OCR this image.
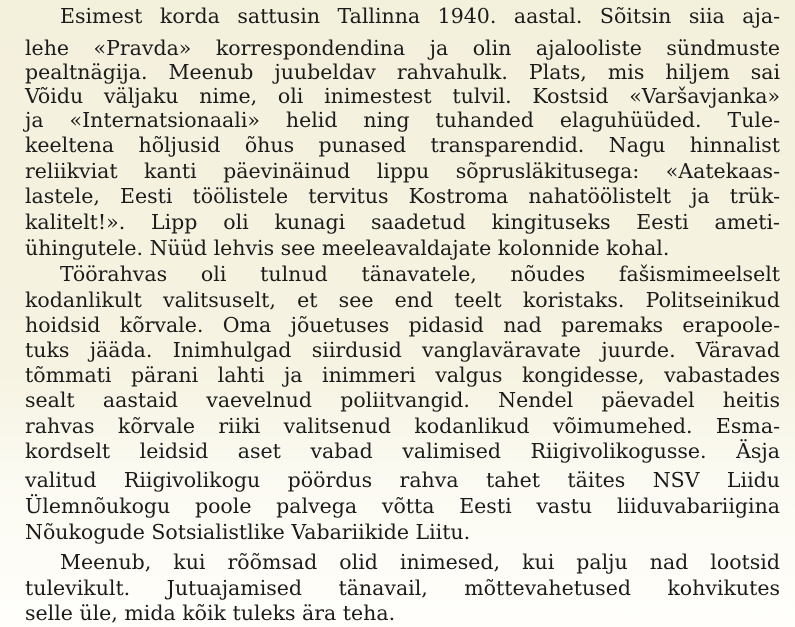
Esimest korda sattusin Tallinna 1940. aastal. Sõitsin siia aja-
lehe «Pravda» korrespondendina ja olin ajalooliste sündmuste
pealtnägija. Meenub juubeldav rahvahulk. Plats, mis hiljem sai
Võidu väljaku nime, oli inimestest tulvil. Kostsid «Varšavjanka»
ja «Internatsionaali» helid ning tuhanded elaguhüüded. Tule-
keeltena hõljusid õhus punased transparendid. Nagu hinnalist
reliikviat kanti päevinäinud lippu sõprusläkitusega: «Aatekaas-
lastele, Eesti töölistele tervitus Kostroma nahatöölistelt ja trük-
kalitelt!». Lipp oli kunagi saadetud kingituseks Eesti ameti-
ühingutele. Nüüd lehvis see meeleavaldajate kolonnide kohal.
Töörahvas oli tulnud tänavatele, nõudes fašismimeelselt
kodanlikult valitsuselt, et see end teelt koristaks. Politseinikud
hoidsid kõrvale. Oma jõuetuses pidasid nad paremaks erapoole-
tuks jääda. Inimhulgad siirdusid vanglaväravate juurde. Väravad
tõmmati pärani lahti ja inimmeri valgus kongidesse, vabastades
sealt aastaid vaevelnud poliitvangid. Nendel päevadel heitis
rahvas kõrvale riiki valitsenud kodanlikud võimumehed. Esma-
kordselt leidsid aset vabad valimised Riigivolikogusse. Äsja
valitud Riigivolikogu pöördus rahva tahet täites NSV Liidu
Ülemnõukogu poole palvega võtta Eesti vastu liiduvabariigina
Nõukogude Sotsialistlike Vabariikide Liitu.
Meenub, kui rõõmsad olid inimesed, kui palju nad lootsid
tulevikult. Jutuajamised tänavail, mõttevahetused kohvikutes
selle üle, mida kõik tuleks ära teha.
